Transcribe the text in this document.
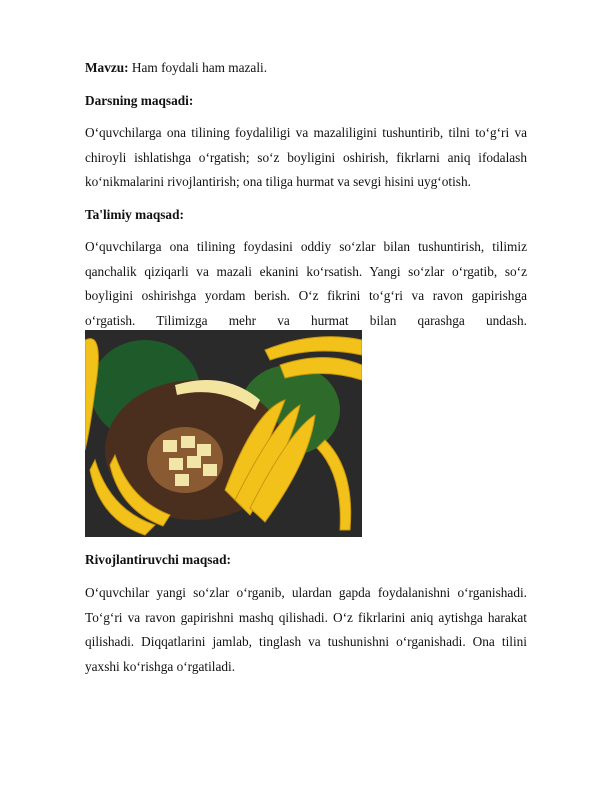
Mavzu: Ham foydali ham mazali.
Darsning maqsadi:
O‘quvchilarga ona tilining foydaliligi va mazaliligini tushuntirib, tilni to‘g‘ri va chiroyli ishlatishga o‘rgatish; so‘z boyligini oshirish, fikrlarni aniq ifodalash ko‘nikmalarini rivojlantirish; ona tiliga hurmat va sevgi hisini uyg‘otish.
Ta'limiy maqsad:
O‘quvchilarga ona tilining foydasini oddiy so‘zlar bilan tushuntirish, tilimiz qanchalik qiziqarli va mazali ekanini ko‘rsatish. Yangi so‘zlar o‘rgatib, so‘z boyligini oshirishga yordam berish. O‘z fikrini to‘g‘ri va ravon gapirishga o‘rgatish. Tilimizga mehr va hurmat bilan qarashga undash.
Rivojlantiruvchi maqsad:
O‘quvchilar yangi so‘zlar o‘rganib, ulardan gapda foydalanishni o‘rganishadi. To‘g‘ri va ravon gapirishni mashq qilishadi. O‘z fikrlarini aniq aytishga harakat qilishadi. Diqqatlarini jamlab, tinglash va tushunishni o‘rganishadi. Ona tilini yaxshi ko‘rishga o‘rgatiladi.
